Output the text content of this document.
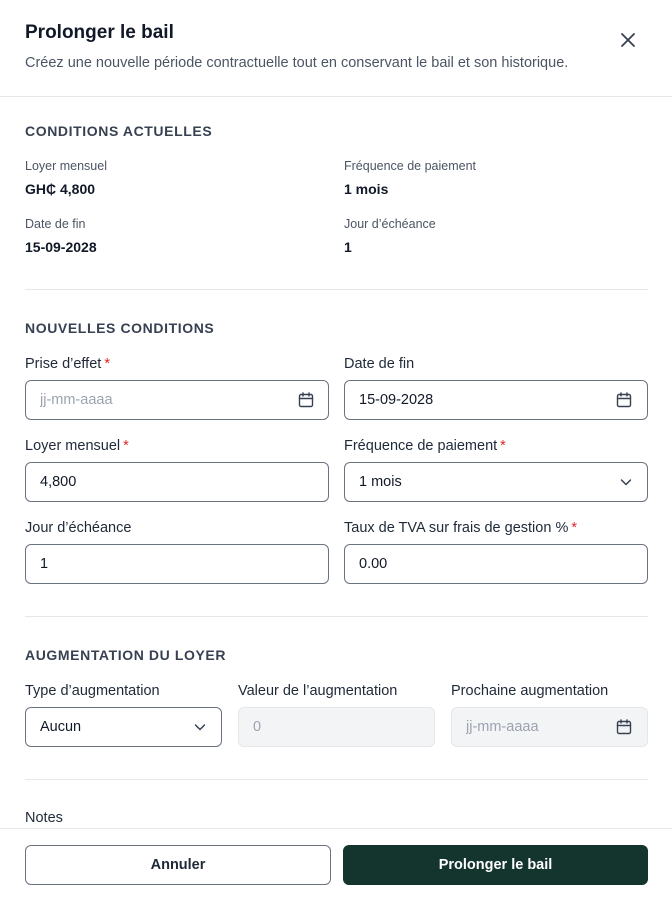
Prolonger le bail
Créez une nouvelle période contractuelle tout en conservant le bail et son historique.
CONDITIONS ACTUELLES
Loyer mensuel
GH₵ 4,800
Fréquence de paiement
1 mois
Date de fin
15-09-2028
Jour d’échéance
1
NOUVELLES CONDITIONS
Prise d’effet *
jj-mm-aaaa	Date de fin
15-09-2028
Loyer mensuel *
4,800	Fréquence de paiement *
1 mois
Jour d’échéance
1	Taux de TVA sur frais de gestion % *
0.00
AUGMENTATION DU LOYER
Type d’augmentation
Aucun
Valeur de l’augmentation
0	Prochaine augmentation
jj-mm-aaaa
Notes
Annuler	Prolonger le bail
